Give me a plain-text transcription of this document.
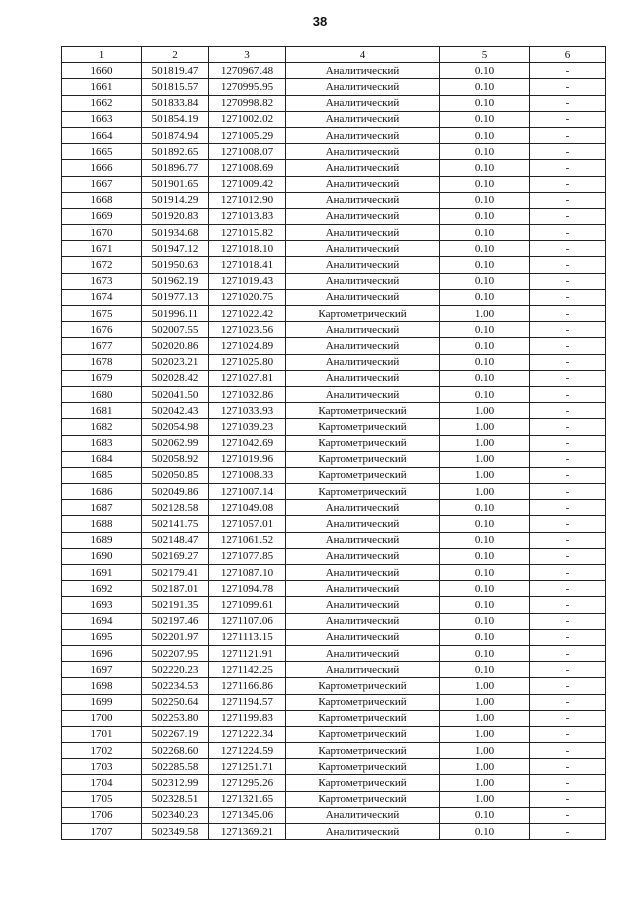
38
1	2	3	4	5	6
1660	501819.47	1270967.48	Аналитический	0.10	-
1661	501815.57	1270995.95	Аналитический	0.10	-
1662	501833.84	1270998.82	Аналитический	0.10	-
1663	501854.19	1271002.02	Аналитический	0.10	-
1664	501874.94	1271005.29	Аналитический	0.10	-
1665	501892.65	1271008.07	Аналитический	0.10	-
1666	501896.77	1271008.69	Аналитический	0.10	-
1667	501901.65	1271009.42	Аналитический	0.10	-
1668	501914.29	1271012.90	Аналитический	0.10	-
1669	501920.83	1271013.83	Аналитический	0.10	-
1670	501934.68	1271015.82	Аналитический	0.10	-
1671	501947.12	1271018.10	Аналитический	0.10	-
1672	501950.63	1271018.41	Аналитический	0.10	-
1673	501962.19	1271019.43	Аналитический	0.10	-
1674	501977.13	1271020.75	Аналитический	0.10	-
1675	501996.11	1271022.42	Картометрический	1.00	-
1676	502007.55	1271023.56	Аналитический	0.10	-
1677	502020.86	1271024.89	Аналитический	0.10	-
1678	502023.21	1271025.80	Аналитический	0.10	-
1679	502028.42	1271027.81	Аналитический	0.10	-
1680	502041.50	1271032.86	Аналитический	0.10	-
1681	502042.43	1271033.93	Картометрический	1.00	-
1682	502054.98	1271039.23	Картометрический	1.00	-
1683	502062.99	1271042.69	Картометрический	1.00	-
1684	502058.92	1271019.96	Картометрический	1.00	-
1685	502050.85	1271008.33	Картометрический	1.00	-
1686	502049.86	1271007.14	Картометрический	1.00	-
1687	502128.58	1271049.08	Аналитический	0.10	-
1688	502141.75	1271057.01	Аналитический	0.10	-
1689	502148.47	1271061.52	Аналитический	0.10	-
1690	502169.27	1271077.85	Аналитический	0.10	-
1691	502179.41	1271087.10	Аналитический	0.10	-
1692	502187.01	1271094.78	Аналитический	0.10	-
1693	502191.35	1271099.61	Аналитический	0.10	-
1694	502197.46	1271107.06	Аналитический	0.10	-
1695	502201.97	1271113.15	Аналитический	0.10	-
1696	502207.95	1271121.91	Аналитический	0.10	-
1697	502220.23	1271142.25	Аналитический	0.10	-
1698	502234.53	1271166.86	Картометрический	1.00	-
1699	502250.64	1271194.57	Картометрический	1.00	-
1700	502253.80	1271199.83	Картометрический	1.00	-
1701	502267.19	1271222.34	Картометрический	1.00	-
1702	502268.60	1271224.59	Картометрический	1.00	-
1703	502285.58	1271251.71	Картометрический	1.00	-
1704	502312.99	1271295.26	Картометрический	1.00	-
1705	502328.51	1271321.65	Картометрический	1.00	-
1706	502340.23	1271345.06	Аналитический	0.10	-
1707	502349.58	1271369.21	Аналитический	0.10	-
